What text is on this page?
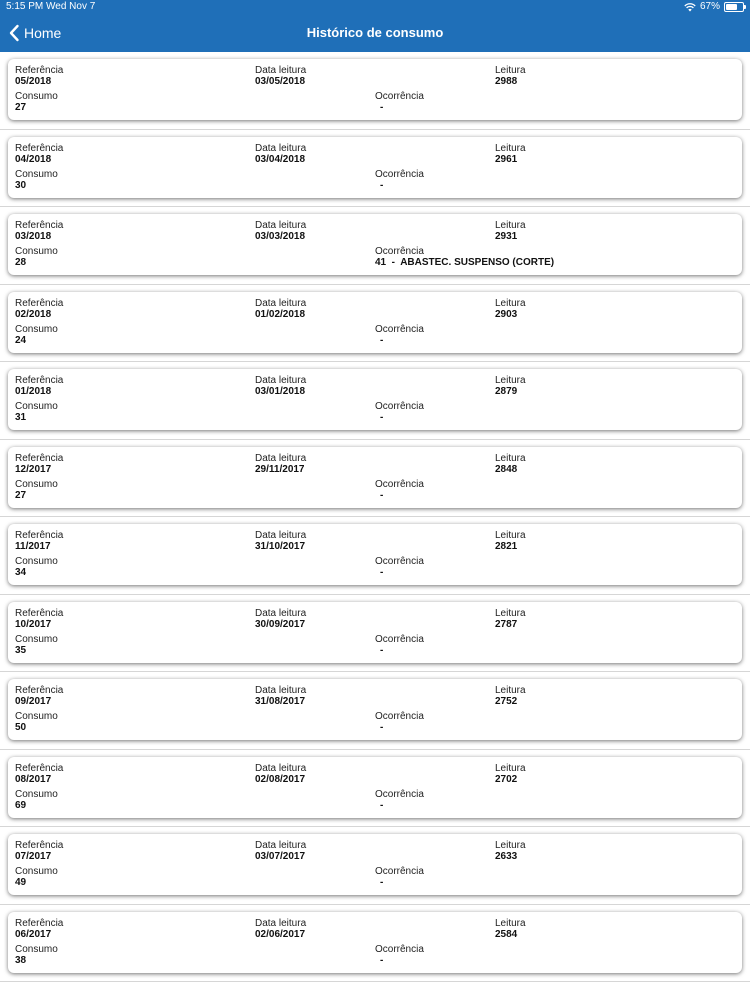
5:15 PM Wed Nov 7	67%
Home	Histórico de consumo
Referência
05/2018
Data leitura
03/05/2018
Leitura
2988
Consumo
27
Ocorrência
-
Referência
04/2018
Data leitura
03/04/2018
Leitura
2961
Consumo
30
Ocorrência
-
Referência
03/2018
Data leitura
03/03/2018
Leitura
2931
Consumo
28
Ocorrência
41  -  ABASTEC. SUSPENSO (CORTE)
Referência
02/2018
Data leitura
01/02/2018
Leitura
2903
Consumo
24
Ocorrência
-
Referência
01/2018
Data leitura
03/01/2018
Leitura
2879
Consumo
31
Ocorrência
-
Referência
12/2017
Data leitura
29/11/2017
Leitura
2848
Consumo
27
Ocorrência
-
Referência
11/2017
Data leitura
31/10/2017
Leitura
2821
Consumo
34
Ocorrência
-
Referência
10/2017
Data leitura
30/09/2017
Leitura
2787
Consumo
35
Ocorrência
-
Referência
09/2017
Data leitura
31/08/2017
Leitura
2752
Consumo
50
Ocorrência
-
Referência
08/2017
Data leitura
02/08/2017
Leitura
2702
Consumo
69
Ocorrência
-
Referência
07/2017
Data leitura
03/07/2017
Leitura
2633
Consumo
49
Ocorrência
-
Referência
06/2017
Data leitura
02/06/2017
Leitura
2584
Consumo
38
Ocorrência
-
